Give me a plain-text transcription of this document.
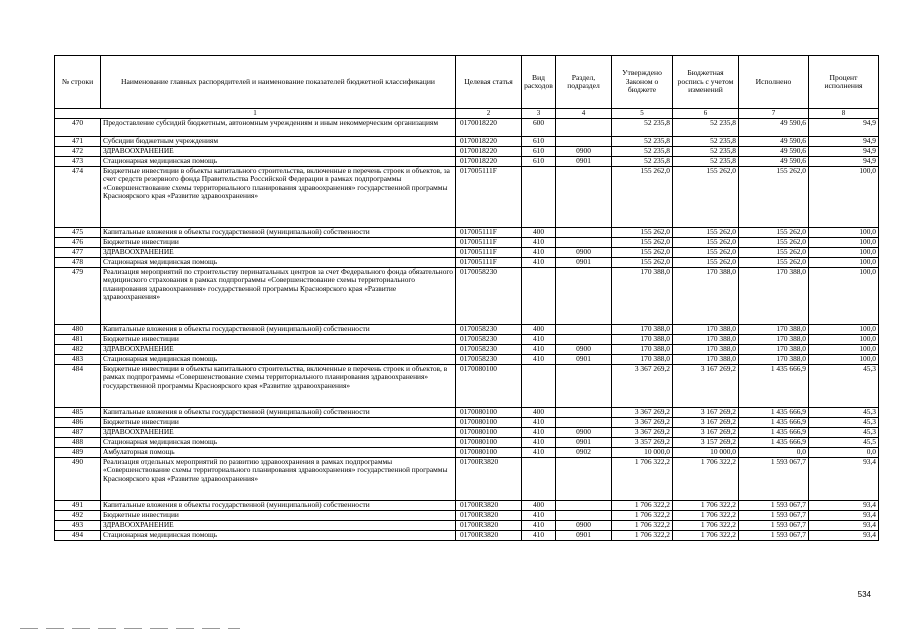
№ строки	Наименование главных распорядителей и наименование показателей бюджетной классификации	Целевая статья	Вид расходов	Раздел, подраздел	Утверждено Законом о бюджете	Бюджетная роспись с учетом изменений	Исполнено	Процент исполнения
1		2	3	4	5	6	7	8
470	Предоставление субсидий бюджетным, автономным учреждениям и иным некоммерческим организациям	0170018220	600		52 235,8	52 235,8	49 590,6	94,9
471	Субсидии бюджетным учреждениям	0170018220	610		52 235,8	52 235,8	49 590,6	94,9
472	ЗДРАВООХРАНЕНИЕ	0170018220	610	0900	52 235,8	52 235,8	49 590,6	94,9
473	Стационарная медицинская помощь	0170018220	610	0901	52 235,8	52 235,8	49 590,6	94,9
474	Бюджетные инвестиции в объекты капитального строительства, включенные в перечень строек и объектов, за счет средств резервного фонда Правительства Российской Федерации в рамках подпрограммы «Совершенствование схемы территориального планирования здравоохранения» государственной программы Красноярского края «Развитие здравоохранения»	017005111F			155 262,0	155 262,0	155 262,0	100,0
475	Капитальные вложения в объекты государственной (муниципальной) собственности	017005111F	400		155 262,0	155 262,0	155 262,0	100,0
476	Бюджетные инвестиции	017005111F	410		155 262,0	155 262,0	155 262,0	100,0
477	ЗДРАВООХРАНЕНИЕ	017005111F	410	0900	155 262,0	155 262,0	155 262,0	100,0
478	Стационарная медицинская помощь	017005111F	410	0901	155 262,0	155 262,0	155 262,0	100,0
479	Реализация мероприятий по строительству перинатальных центров за счет Федерального фонда обязательного медицинского страхования в рамках подпрограммы «Совершенствование схемы территориального планирования здравоохранения» государственной программы Красноярского края «Развитие здравоохранения»	0170058230			170 388,0	170 388,0	170 388,0	100,0
480	Капитальные вложения в объекты государственной (муниципальной) собственности	0170058230	400		170 388,0	170 388,0	170 388,0	100,0
481	Бюджетные инвестиции	0170058230	410		170 388,0	170 388,0	170 388,0	100,0
482	ЗДРАВООХРАНЕНИЕ	0170058230	410	0900	170 388,0	170 388,0	170 388,0	100,0
483	Стационарная медицинская помощь	0170058230	410	0901	170 388,0	170 388,0	170 388,0	100,0
484	Бюджетные инвестиции в объекты капитального строительства, включенные в перечень строек и объектов, в рамках подпрограммы «Совершенствование схемы территориального планирования здравоохранения» государственной программы Красноярского края «Развитие здравоохранения»	0170080100			3 367 269,2	3 167 269,2	1 435 666,9	45,3
485	Капитальные вложения в объекты государственной (муниципальной) собственности	0170080100	400		3 367 269,2	3 167 269,2	1 435 666,9	45,3
486	Бюджетные инвестиции	0170080100	410		3 367 269,2	3 167 269,2	1 435 666,9	45,3
487	ЗДРАВООХРАНЕНИЕ	0170080100	410	0900	3 367 269,2	3 167 269,2	1 435 666,9	45,3
488	Стационарная медицинская помощь	0170080100	410	0901	3 357 269,2	3 157 269,2	1 435 666,9	45,5
489	Амбулаторная помощь	0170080100	410	0902	10 000,0	10 000,0	0,0	0,0
490	Реализация отдельных мероприятий по развитию здравоохранения в рамках подпрограммы «Совершенствование схемы территориального планирования здравоохранения» государственной программы Красноярского края «Развитие здравоохранения»	01700R3820			1 706 322,2	1 706 322,2	1 593 067,7	93,4
491	Капитальные вложения в объекты государственной (муниципальной) собственности	01700R3820	400		1 706 322,2	1 706 322,2	1 593 067,7	93,4
492	Бюджетные инвестиции	01700R3820	410		1 706 322,2	1 706 322,2	1 593 067,7	93,4
493	ЗДРАВООХРАНЕНИЕ	01700R3820	410	0900	1 706 322,2	1 706 322,2	1 593 067,7	93,4
494	Стационарная медицинская помощь	01700R3820	410	0901	1 706 322,2	1 706 322,2	1 593 067,7	93,4
534
